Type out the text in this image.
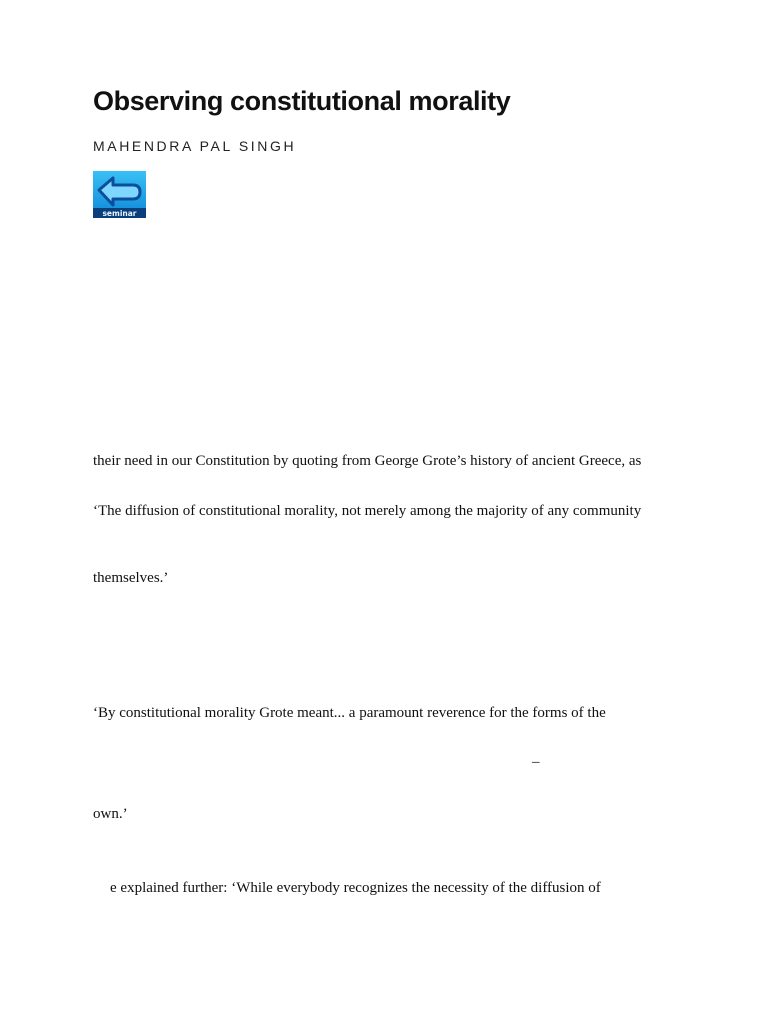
Observing constitutional morality
MAHENDRA PAL SINGH
seminar
their need in our Constitution by quoting from George Grote’s history of ancient Greece, as
‘The diffusion of constitutional morality, not merely among the majority of any community
themselves.’
‘By constitutional morality Grote meant... a paramount reverence for the forms of the
–
own.’
e explained further: ‘While everybody recognizes the necessity of the diffusion of
